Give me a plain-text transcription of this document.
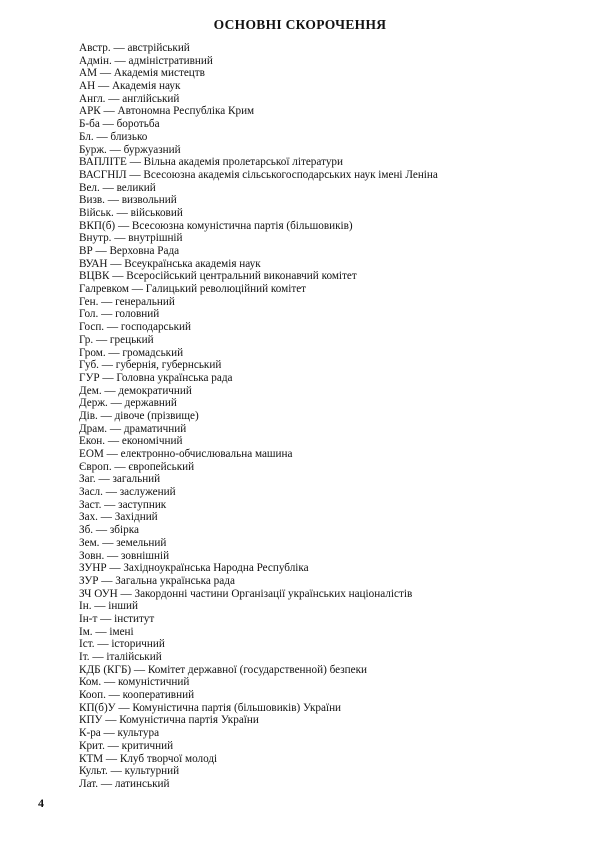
ОСНОВНІ СКОРОЧЕННЯ
Австр. — австрійський
Адмін. — адміністративний
АМ — Академія мистецтв
АН — Академія наук
Англ. — англійський
АРК — Автономна Республіка Крим
Б-ба — боротьба
Бл. — близько
Бурж. — буржуазний
ВАПЛІТЕ — Вільна академія пролетарської літератури
ВАСГНІЛ — Всесоюзна академія сільськогосподарських наук імені Леніна
Вел. — великий
Визв. — визвольний
Військ. — військовий
ВКП(б) — Всесоюзна комуністична партія (більшовиків)
Внутр. — внутрішній
ВР — Верховна Рада
ВУАН — Всеукраїнська академія наук
ВЦВК — Всеросійський центральний виконавчий комітет
Галревком — Галицький революційний комітет
Ген. — генеральний
Гол. — головний
Госп. — господарський
Гр. — грецький
Гром. — громадський
Губ. — губернія, губернський
ГУР — Головна українська рада
Дем. — демократичний
Держ. — державний
Дів. — дівоче (прізвище)
Драм. — драматичний
Екон. — економічний
ЕОМ — електронно-обчислювальна машина
Європ. — європейський
Заг. — загальний
Засл. — заслужений
Заст. — заступник
Зах. — Західний
Зб. — збірка
Зем. — земельний
Зовн. — зовнішній
ЗУНР — Західноукраїнська Народна Республіка
ЗУР — Загальна українська рада
ЗЧ ОУН — Закордонні частини Організації українських націоналістів
Ін. — інший
Ін-т — інститут
Ім. — імені
Іст. — історичний
Іт. — італійський
КДБ (КГБ) — Комітет державної (государственной) безпеки
Ком. — комуністичний
Кооп. — кооперативний
КП(б)У — Комуністична партія (більшовиків) України
КПУ — Комуністична партія України
К-ра — культура
Крит. — критичний
КТМ — Клуб творчої молоді
Культ. — культурний
Лат. — латинський
4
